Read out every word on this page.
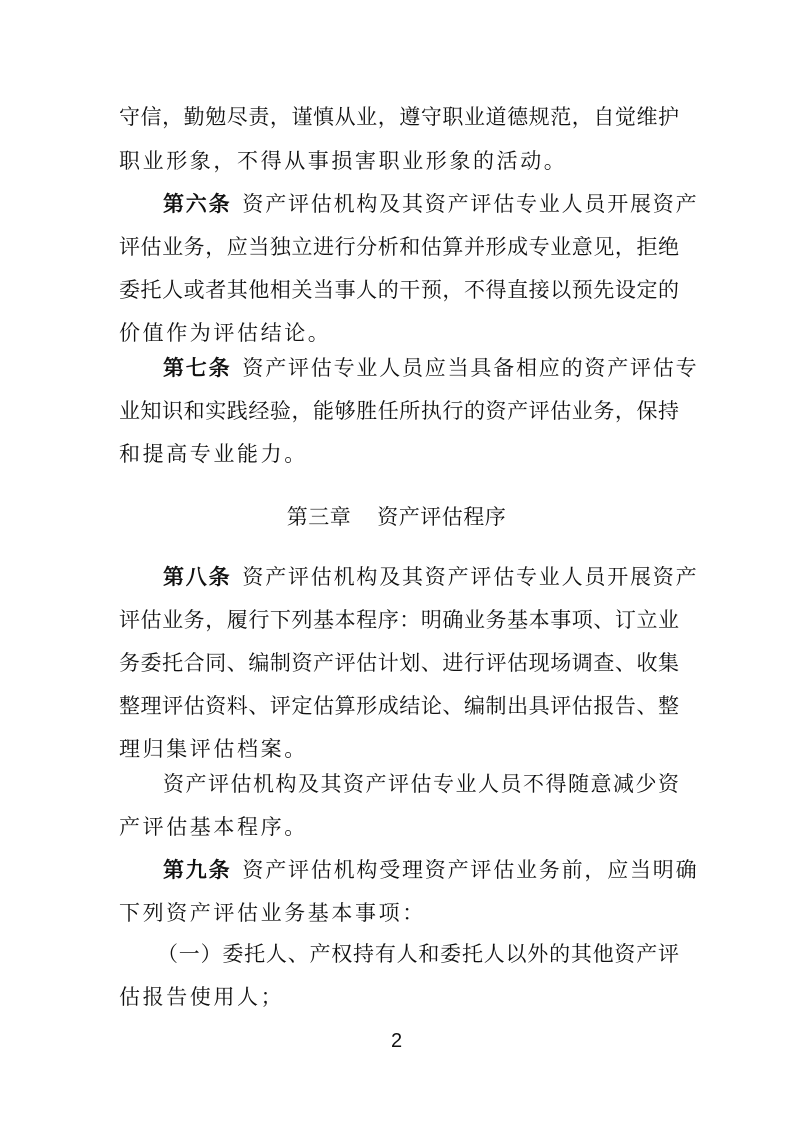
守信，勤勉尽责，谨慎从业，遵守职业道德规范，自觉维护
职业形象，不得从事损害职业形象的活动。
第六条 资产评估机构及其资产评估专业人员开展资产
评估业务，应当独立进行分析和估算并形成专业意见，拒绝
委托人或者其他相关当事人的干预，不得直接以预先设定的
价值作为评估结论。
第七条 资产评估专业人员应当具备相应的资产评估专
业知识和实践经验，能够胜任所执行的资产评估业务，保持
和提高专业能力。
第三章 资产评估程序
第八条 资产评估机构及其资产评估专业人员开展资产
评估业务，履行下列基本程序：明确业务基本事项、订立业
务委托合同、编制资产评估计划、进行评估现场调查、收集
整理评估资料、评定估算形成结论、编制出具评估报告、整
理归集评估档案。
资产评估机构及其资产评估专业人员不得随意减少资
产评估基本程序。
第九条 资产评估机构受理资产评估业务前，应当明确
下列资产评估业务基本事项：
（一）委托人、产权持有人和委托人以外的其他资产评
估报告使用人；
2
